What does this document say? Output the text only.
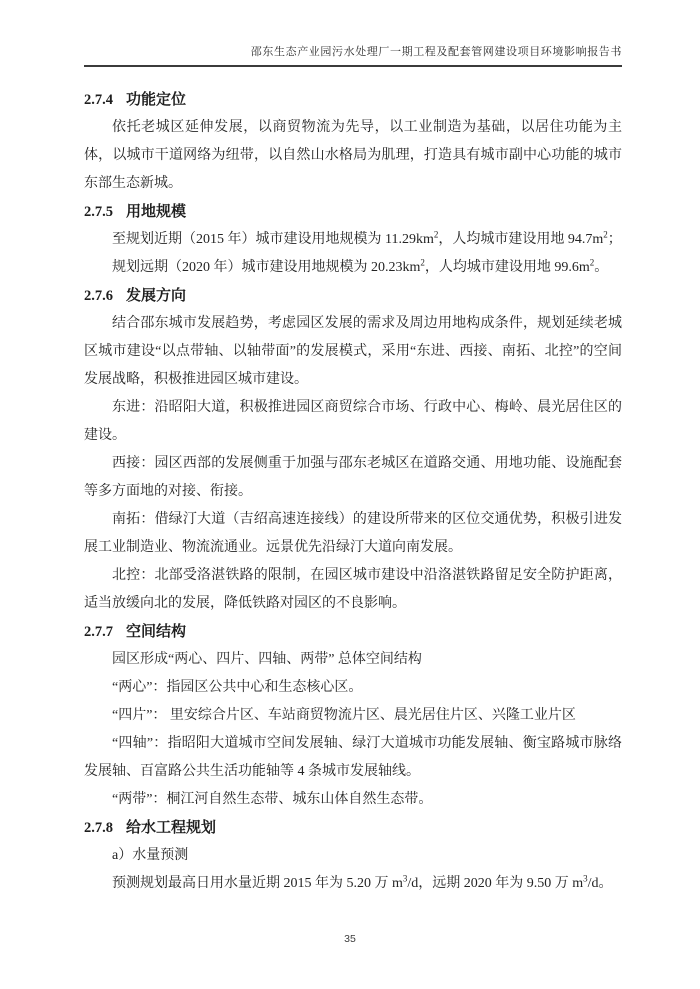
邵东生态产业园污水处理厂一期工程及配套管网建设项目环境影响报告书
2.7.4 功能定位

依托老城区延伸发展，以商贸物流为先导，以工业制造为基础，以居住功能为主体，以城市干道网络为纽带，以自然山水格局为肌理，打造具有城市副中心功能的城市东部生态新城。

2.7.5 用地规模

至规划近期（2015 年）城市建设用地规模为 $11.29km^2$，人均城市建设用地 $94.7m^2$；

规划远期（2020 年）城市建设用地规模为 $20.23km^2$，人均城市建设用地 $99.6m^2$。

2.7.6 发展方向

结合邵东城市发展趋势，考虑园区发展的需求及周边用地构成条件，规划延续老城区城市建设“以点带轴、以轴带面”的发展模式，采用“东进、西接、南拓、北控”的空间发展战略，积极推进园区城市建设。

东进：沿昭阳大道，积极推进园区商贸综合市场、行政中心、梅岭、晨光居住区的建设。

西接：园区西部的发展侧重于加强与邵东老城区在道路交通、用地功能、设施配套等多方面地的对接、衔接。

南拓：借绿汀大道（吉绍高速连接线）的建设所带来的区位交通优势，积极引进发展工业制造业、物流流通业。远景优先沿绿汀大道向南发展。

北控：北部受洛湛铁路的限制，在园区城市建设中沿洛湛铁路留足安全防护距离，适当放缓向北的发展，降低铁路对园区的不良影响。

2.7.7 空间结构

园区形成“两心、四片、四轴、两带” 总体空间结构

“两心”：指园区公共中心和生态核心区。

“四片”： 里安综合片区、车站商贸物流片区、晨光居住片区、兴隆工业片区

“四轴”：指昭阳大道城市空间发展轴、绿汀大道城市功能发展轴、衡宝路城市脉络发展轴、百富路公共生活功能轴等 4 条城市发展轴线。

“两带”：桐江河自然生态带、城东山体自然生态带。

2.7.8 给水工程规划

a）水量预测

预测规划最高日用水量近期 2015 年为 5.20 万 $m^3/d$，远期 2020 年为 9.50 万 $m^3/d$。

35
